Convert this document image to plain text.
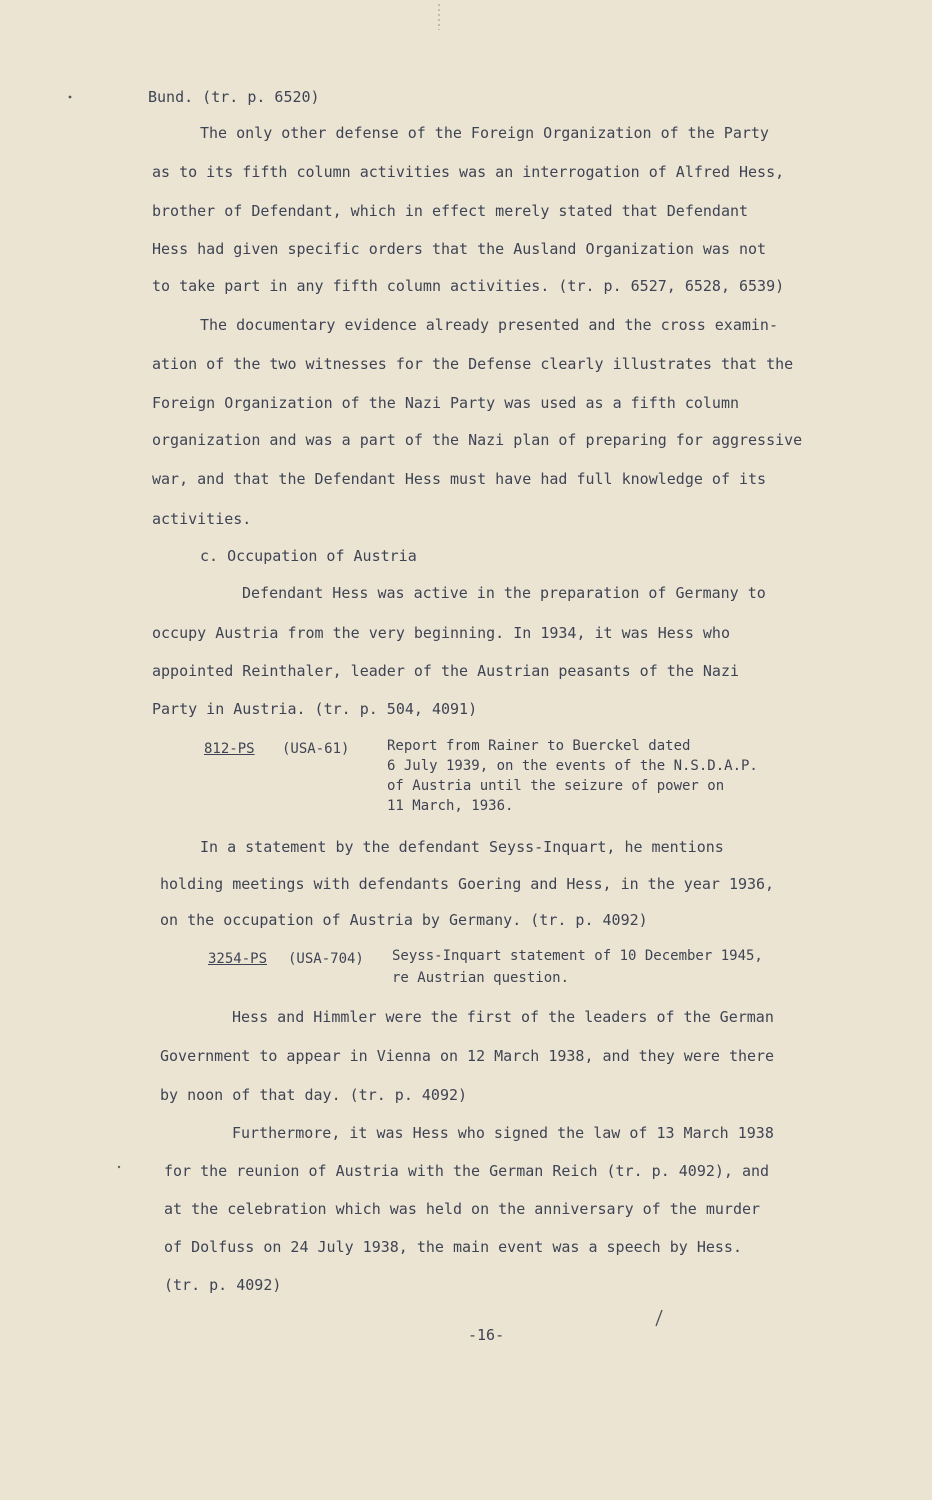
Bund. (tr. p. 6520)
The only other defense of the Foreign Organization of the Party
as to its fifth column activities was an interrogation of Alfred Hess,
brother of Defendant, which in effect merely stated that Defendant
Hess had given specific orders that the Ausland Organization was not
to take part in any fifth column activities. (tr. p. 6527, 6528, 6539)
The documentary evidence already presented and the cross examin-
ation of the two witnesses for the Defense clearly illustrates that the
Foreign Organization of the Nazi Party was used as a fifth column
organization and was a part of the Nazi plan of preparing for aggressive
war, and that the Defendant Hess must have had full knowledge of its
activities.
c. Occupation of Austria
Defendant Hess was active in the preparation of Germany to
occupy Austria from the very beginning. In 1934, it was Hess who
appointed Reinthaler, leader of the Austrian peasants of the Nazi
Party in Austria. (tr. p. 504, 4091)
812-PS (USA-61)	Report from Rainer to Buerckel dated
6 July 1939, on the events of the N.S.D.A.P.
of Austria until the seizure of power on
11 March, 1936.
In a statement by the defendant Seyss-Inquart, he mentions
holding meetings with defendants Goering and Hess, in the year 1936,
on the occupation of Austria by Germany. (tr. p. 4092)
3254-PS (USA-704) Seyss-Inquart statement of 10 December 1945,
re Austrian question.
Hess and Himmler were the first of the leaders of the German
Government to appear in Vienna on 12 March 1938, and they were there
by noon of that day. (tr. p. 4092)
Furthermore, it was Hess who signed the law of 13 March 1938
for the reunion of Austria with the German Reich (tr. p. 4092), and
at the celebration which was held on the anniversary of the murder
of Dolfuss on 24 July 1938, the main event was a speech by Hess.
(tr. p. 4092)
-16-
